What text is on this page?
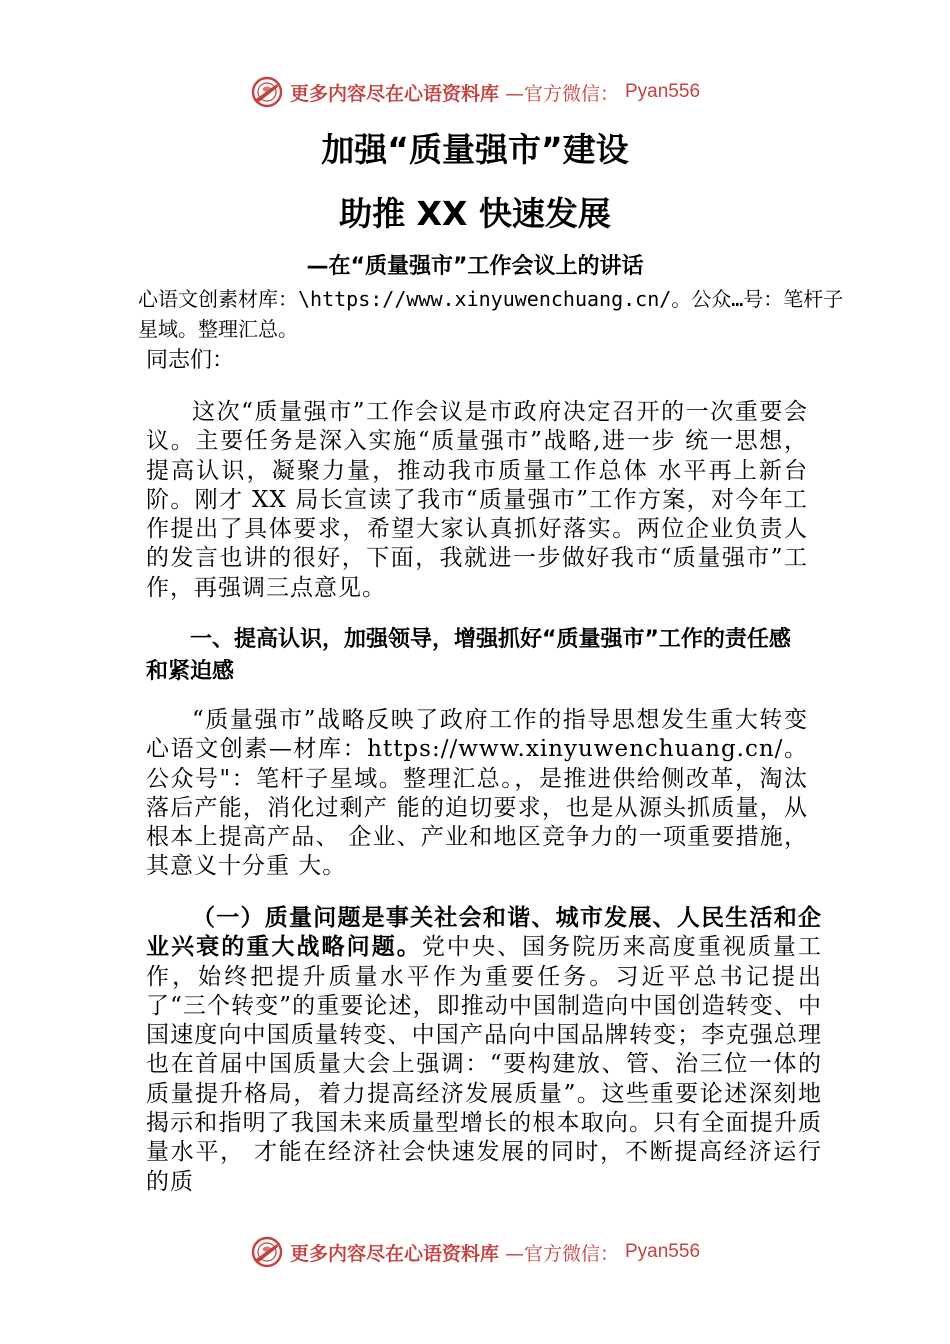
更多内容尽在心语资料库 —官方微信： Pyan556
加强“质量强市”建设
助推 XX 快速发展
—在“质量强市”工作会议上的讲话

心语文创素材库：\https://www.xinyuwenchuang.cn/。公众…号：笔杆子星域。整理汇总。

同志们：

这次“质量强市”工作会议是市政府决定召开的一次重要会议。主要任务是深入实施“质量强市”战略,进一步 统一思想，提高认识，凝聚力量，推动我市质量工作总体 水平再上新台阶。刚才 XX 局长宣读了我市“质量强市”工作方案，对今年工作提出了具体要求，希望大家认真抓好落实。两位企业负责人的发言也讲的很好，下面，我就进一步做好我市“质量强市”工作，再强调三点意见。

一、提高认识，加强领导，增强抓好“质量强市”工作的责任感和紧迫感

“质量强市”战略反映了政府工作的指导思想发生重大转变心语文创素—材库：https://www.xinyuwenchuang.cn/。公众号"：笔杆子星域。整理汇总。，是推进供给侧改革，淘汰落后产能，消化过剩产 能的迫切要求，也是从源头抓质量，从根本上提高产品、 企业、产业和地区竞争力的一项重要措施，其意义十分重 大。

（一）质量问题是事关社会和谐、城市发展、人民生活和企业兴衰的重大战略问题。党中央、国务院历来高度重视质量工作，始终把提升质量水平作为重要任务。习近平总书记提出了“三个转变”的重要论述，即推动中国制造向中国创造转变、中国速度向中国质量转变、中国产品向中国品牌转变；李克强总理也在首届中国质量大会上强调：“要构建放、管、治三位一体的质量提升格局，着力提高经济发展质量”。这些重要论述深刻地揭示和指明了我国未来质量型增长的根本取向。只有全面提升质量水平， 才能在经济社会快速发展的同时，不断提高经济运行的质

更多内容尽在心语资料库 —官方微信： Pyan556
